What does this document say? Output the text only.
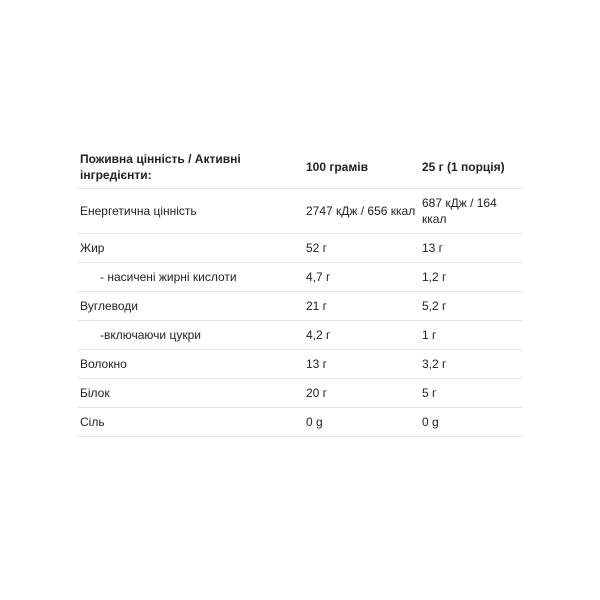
Поживна цінність / Активні інгредієнти:	100 грамів	25 г (1 порція)
Енергетична цінність	2747 кДж / 656 ккал	687 кДж / 164 ккал
Жир	52 г	13 г
- насичені жирні кислоти	4,7 г	1,2 г
Вуглеводи	21 г	5,2 г
-включаючи цукри	4,2 г	1 г
Волокно	13 г	3,2 г
Білок	20 г	5 г
Сіль	0 g	0 g
